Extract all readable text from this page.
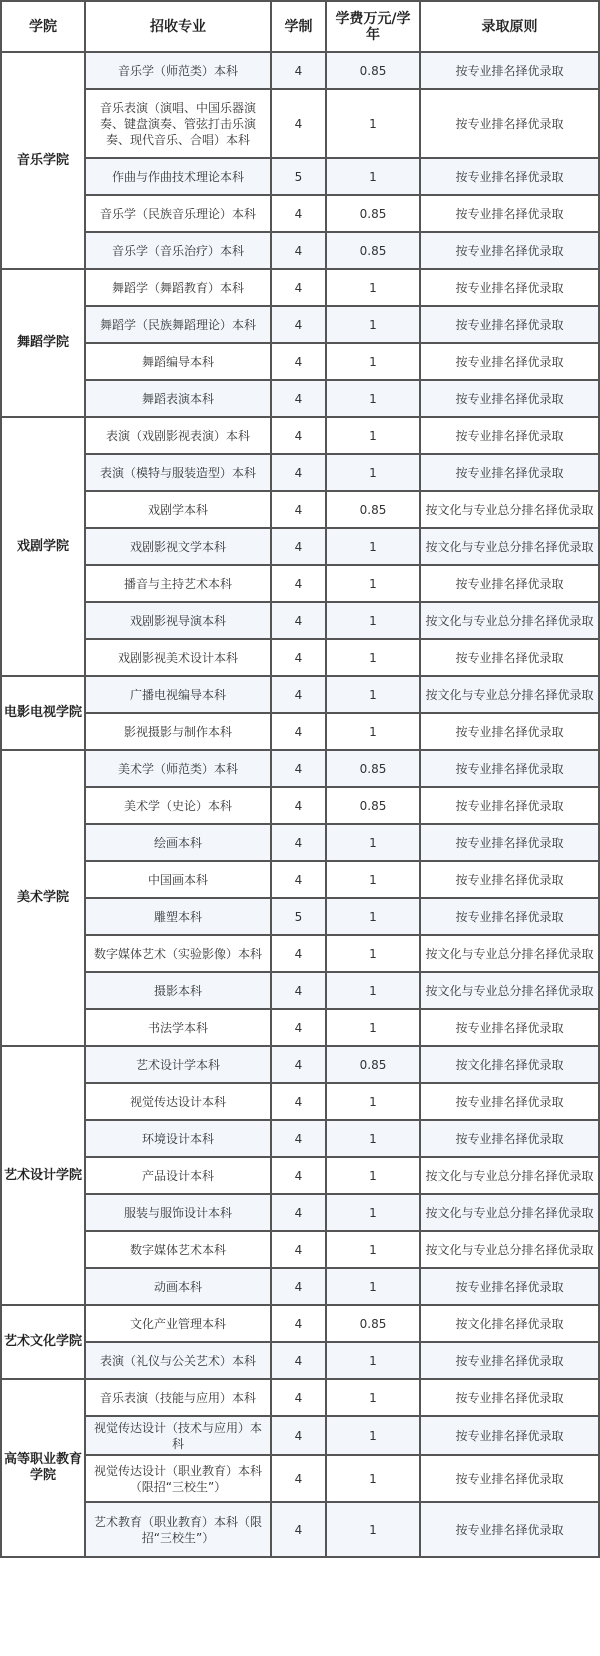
学院	招收专业	学制	学费万元/学年	录取原则
音乐学院	音乐学（师范类）本科	4	0.85	按专业排名择优录取
	音乐表演（演唱、中国乐器演奏、键盘演奏、管弦打击乐演奏、现代音乐、合唱）本科	4	1	按专业排名择优录取
	作曲与作曲技术理论本科	5	1	按专业排名择优录取
	音乐学（民族音乐理论）本科	4	0.85	按专业排名择优录取
	音乐学（音乐治疗）本科	4	0.85	按专业排名择优录取
舞蹈学院	舞蹈学（舞蹈教育）本科	4	1	按专业排名择优录取
	舞蹈学（民族舞蹈理论）本科	4	1	按专业排名择优录取
	舞蹈编导本科	4	1	按专业排名择优录取
	舞蹈表演本科	4	1	按专业排名择优录取
戏剧学院	表演（戏剧影视表演）本科	4	1	按专业排名择优录取
	表演（模特与服装造型）本科	4	1	按专业排名择优录取
	戏剧学本科	4	0.85	按文化与专业总分排名择优录取
	戏剧影视文学本科	4	1	按文化与专业总分排名择优录取
	播音与主持艺术本科	4	1	按专业排名择优录取
	戏剧影视导演本科	4	1	按文化与专业总分排名择优录取
	戏剧影视美术设计本科	4	1	按专业排名择优录取
电影电视学院	广播电视编导本科	4	1	按文化与专业总分排名择优录取
	影视摄影与制作本科	4	1	按专业排名择优录取
美术学院	美术学（师范类）本科	4	0.85	按专业排名择优录取
	美术学（史论）本科	4	0.85	按专业排名择优录取
	绘画本科	4	1	按专业排名择优录取
	中国画本科	4	1	按专业排名择优录取
	雕塑本科	5	1	按专业排名择优录取
	数字媒体艺术（实验影像）本科	4	1	按文化与专业总分排名择优录取
	摄影本科	4	1	按文化与专业总分排名择优录取
	书法学本科	4	1	按专业排名择优录取
艺术设计学院	艺术设计学本科	4	0.85	按文化排名择优录取
	视觉传达设计本科	4	1	按专业排名择优录取
	环境设计本科	4	1	按专业排名择优录取
	产品设计本科	4	1	按文化与专业总分排名择优录取
	服装与服饰设计本科	4	1	按文化与专业总分排名择优录取
	数字媒体艺术本科	4	1	按文化与专业总分排名择优录取
	动画本科	4	1	按专业排名择优录取
艺术文化学院	文化产业管理本科	4	0.85	按文化排名择优录取
	表演（礼仪与公关艺术）本科	4	1	按专业排名择优录取
高等职业教育学院	音乐表演（技能与应用）本科	4	1	按专业排名择优录取
	视觉传达设计（技术与应用）本科	4	1	按专业排名择优录取
	视觉传达设计（职业教育）本科（限招“三校生”）	4	1	按专业排名择优录取
	艺术教育（职业教育）本科（限招“三校生”）	4	1	按专业排名择优录取
